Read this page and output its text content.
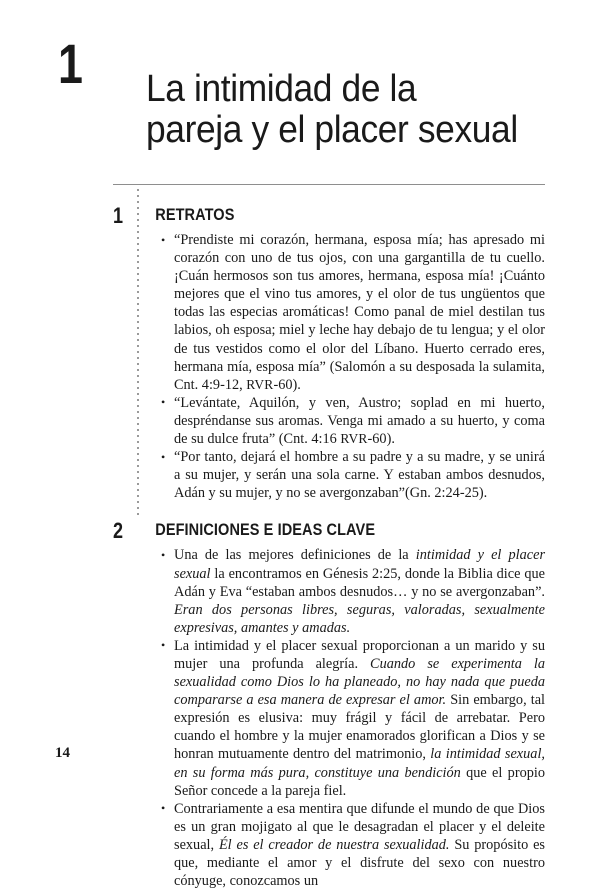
1 La intimidad de la pareja y el placer sexual
1	RETRATOS
• “Prendiste mi corazón, hermana, esposa mía; has apresado mi corazón con uno de tus ojos, con una gargantilla de tu cuello. ¡Cuán hermosos son tus amores, hermana, esposa mía! ¡Cuánto mejores que el vino tus amores, y el olor de tus ungüentos que todas las especias aromáticas! Como panal de miel destilan tus labios, oh esposa; miel y leche hay debajo de tu lengua; y el olor de tus vestidos como el olor del Líbano. Huerto cerrado eres, hermana mía, esposa mía” (Salomón a su desposada la sulamita, Cnt. 4:9-12, RVR-60).
• “Levántate, Aquilón, y ven, Austro; soplad en mi huerto, despréndanse sus aromas. Venga mi amado a su huerto, y coma de su dulce fruta” (Cnt. 4:16 RVR-60).
• “Por tanto, dejará el hombre a su padre y a su madre, y se unirá a su mujer, y serán una sola carne. Y estaban ambos desnudos, Adán y su mujer, y no se avergonzaban”(Gn. 2:24-25).
2	DEFINICIONES E IDEAS CLAVE
• Una de las mejores definiciones de la intimidad y el placer sexual la encontramos en Génesis 2:25, donde la Biblia dice que Adán y Eva “estaban ambos desnudos… y no se avergonzaban”. Eran dos personas libres, seguras, valoradas, sexualmente expresivas, amantes y amadas.
• La intimidad y el placer sexual proporcionan a un marido y su mujer una profunda alegría. Cuando se experimenta la sexualidad como Dios lo ha planeado, no hay nada que pueda compararse a esa manera de expresar el amor. Sin embargo, tal expresión es elusiva: muy frágil y fácil de arrebatar. Pero cuando el hombre y la mujer enamorados glorifican a Dios y se honran mutuamente dentro del matrimonio, la intimidad sexual, en su forma más pura, constituye una bendición que el propio Señor concede a la pareja fiel.
• Contrariamente a esa mentira que difunde el mundo de que Dios es un gran mojigato al que le desagradan el placer y el deleite sexual, Él es el creador de nuestra sexualidad. Su propósito es que, mediante el amor y el disfrute del sexo con nuestro cónyuge, conozcamos un
14
